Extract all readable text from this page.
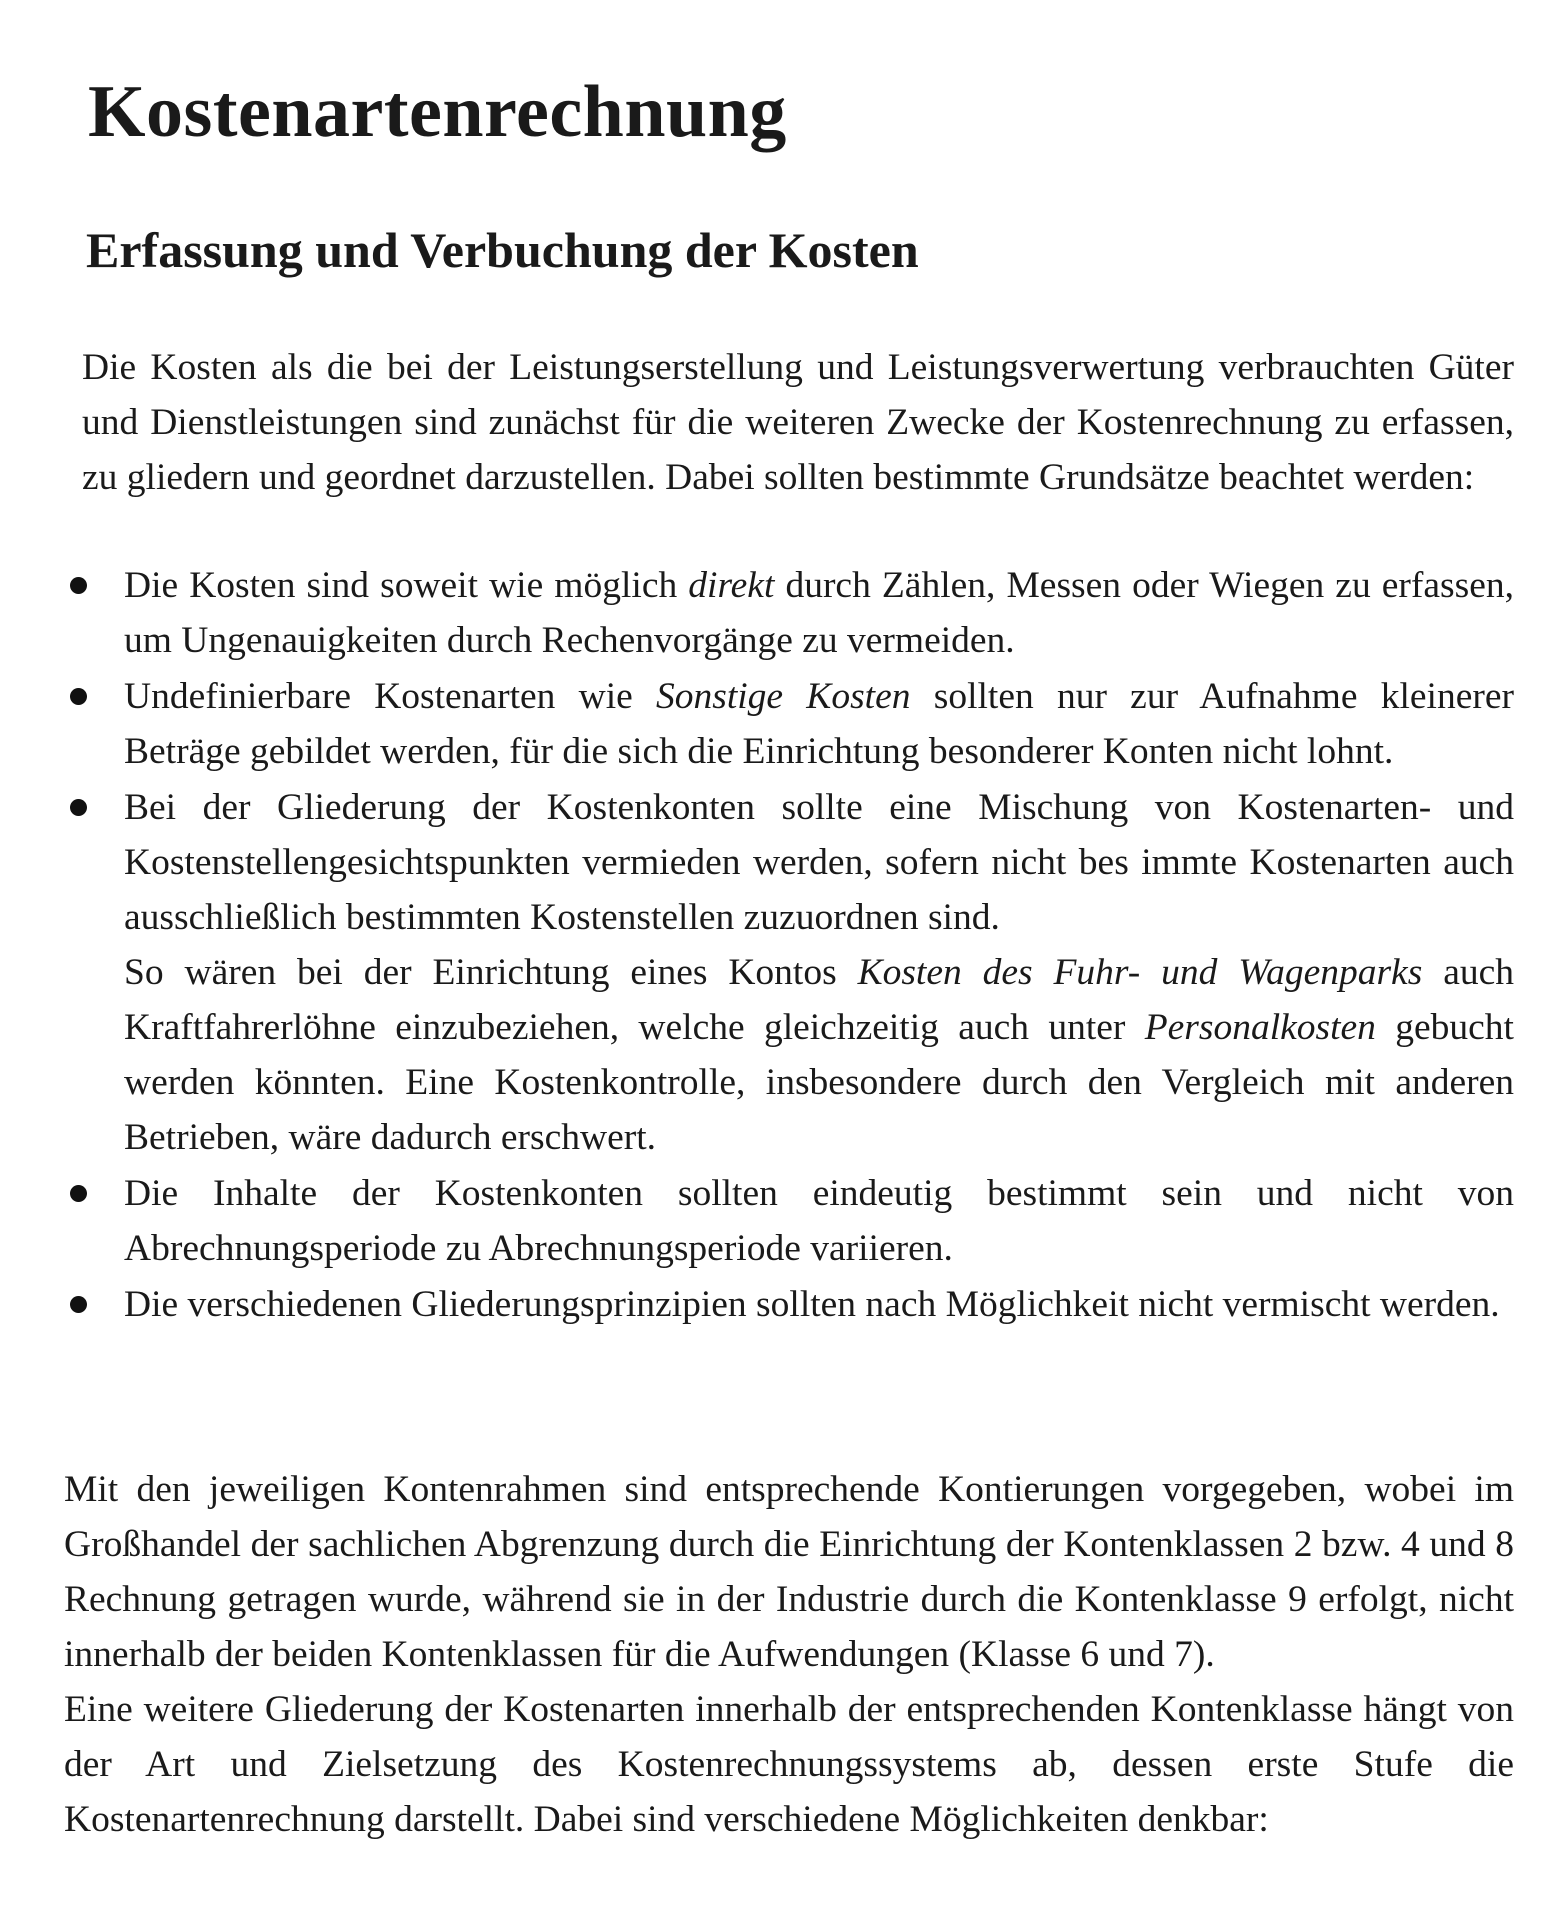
Kostenartenrechnung
Erfassung und Verbuchung der Kosten

Die Kosten als die bei der Leistungserstellung und Leistungsverwertung verbrauchten Güter und Dienstleistungen sind zunächst für die weiteren Zwecke der Kostenrechnung zu erfassen, zu gliedern und geordnet darzustellen. Dabei sollten bestimmte Grundsätze beachtet werden:

Die Kosten sind soweit wie möglich direkt durch Zählen, Messen oder Wiegen zu erfassen, um Ungenauigkeiten durch Rechenvorgänge zu vermeiden.

Undefinierbare Kostenarten wie Sonstige Kosten sollten nur zur Aufnahme kleinerer Beträge gebildet werden, für die sich die Einrichtung besonderer Konten nicht lohnt.

Bei der Gliederung der Kostenkonten sollte eine Mischung von Kostenarten- und Kostenstellengesichtspunkten vermieden werden, sofern nicht bes immte Kostenarten auch ausschließlich bestimmten Kostenstellen zuzuordnen sind.

So wären bei der Einrichtung eines Kontos Kosten des Fuhr- und Wagenparks auch Kraftfahrerlöhne einzubeziehen, welche gleichzeitig auch unter Personalkosten gebucht werden könnten. Eine Kostenkontrolle, insbesondere durch den Vergleich mit anderen Betrieben, wäre dadurch erschwert.

Die Inhalte der Kostenkonten sollten eindeutig bestimmt sein und nicht von Abrechnungsperiode zu Abrechnungsperiode variieren.

Die verschiedenen Gliederungsprinzipien sollten nach Möglichkeit nicht vermischt werden.

Mit den jeweiligen Kontenrahmen sind entsprechende Kontierungen vorgegeben, wobei im Großhandel der sachlichen Abgrenzung durch die Einrichtung der Kontenklassen 2 bzw. 4 und 8 Rechnung getragen wurde, während sie in der Industrie durch die Kontenklasse 9 erfolgt, nicht innerhalb der beiden Kontenklassen für die Aufwendungen (Klasse 6 und 7).

Eine weitere Gliederung der Kostenarten innerhalb der entsprechenden Kontenklasse hängt von der Art und Zielsetzung des Kostenrechnungssystems ab, dessen erste Stufe die Kostenartenrechnung darstellt. Dabei sind verschiedene Möglichkeiten denkbar:
